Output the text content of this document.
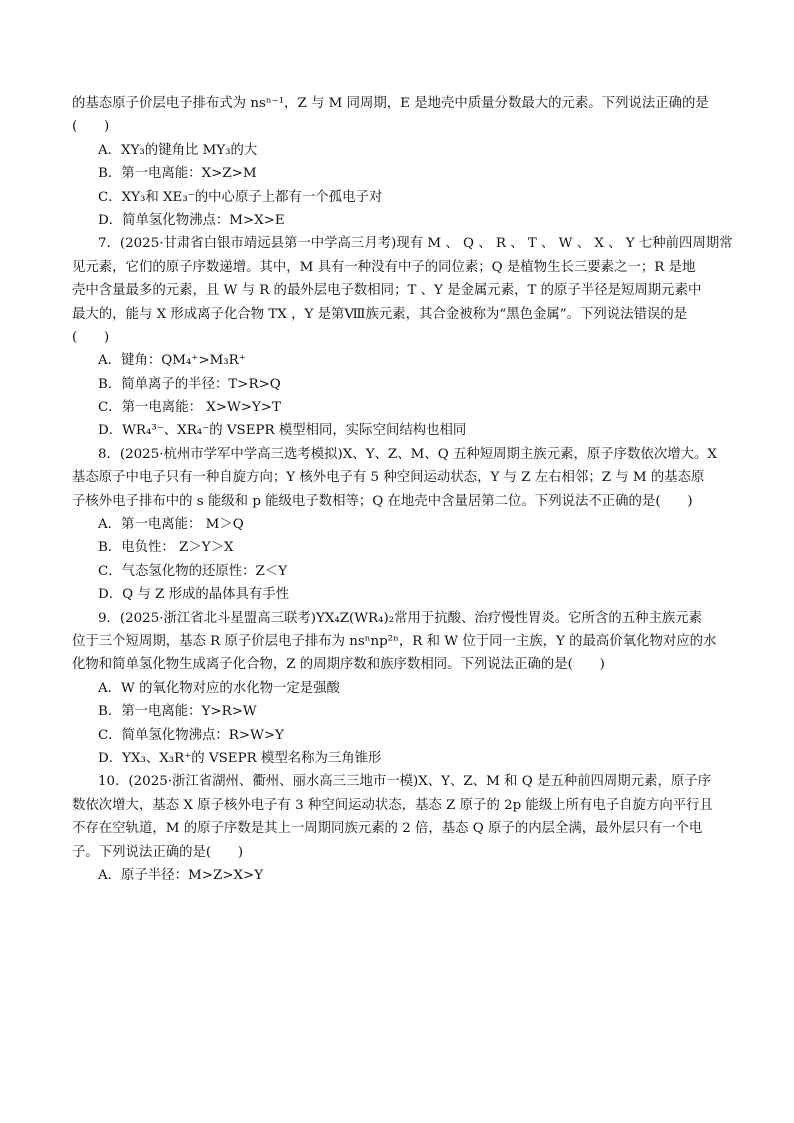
的基态原子价层电子排布式为 nsⁿ⁻¹，Z 与 M 同周期，E 是地壳中质量分数最大的元素。下列说法正确的是
(　　)
A．XY₃的键角比 MY₃的大
B．第一电离能：X>Z>M
C．XY₃和 XE₃⁻的中心原子上都有一个孤电子对
D．简单氢化物沸点：M>X>E
7．(2025·甘肃省白银市靖远县第一中学高三月考)现有 M 、 Q 、 R 、 T 、 W 、 X 、 Y 七种前四周期常
见元素，它们的原子序数递增。其中，M 具有一种没有中子的同位素；Q 是植物生长三要素之一；R 是地
壳中含量最多的元素，且 W 与 R 的最外层电子数相同；T 、Y 是金属元素，T 的原子半径是短周期元素中
最大的，能与 X 形成离子化合物 TX ，Y 是第Ⅷ族元素，其合金被称为“黑色金属”。下列说法错误的是
(　　)
A．键角：QM₄⁺>M₃R⁺
B．简单离子的半径：T>R>Q
C．第一电离能： X>W>Y>T
D．WR₄³⁻、XR₄⁻的 VSEPR 模型相同，实际空间结构也相同
8．(2025·杭州市学军中学高三选考模拟)X、Y、Z、M、Q 五种短周期主族元素，原子序数依次增大。X
基态原子中电子只有一种自旋方向；Y 核外电子有 5 种空间运动状态，Y 与 Z 左右相邻；Z 与 M 的基态原
子核外电子排布中的 s 能级和 p 能级电子数相等；Q 在地壳中含量居第二位。下列说法不正确的是(　　)
A．第一电离能： M＞Q
B．电负性： Z＞Y＞X
C．气态氢化物的还原性：Z＜Y
D．Q 与 Z 形成的晶体具有手性
9．(2025·浙江省北斗星盟高三联考)YX₄Z(WR₄)₂常用于抗酸、治疗慢性胃炎。它所含的五种主族元素
位于三个短周期，基态 R 原子价层电子排布为 nsⁿnp²ⁿ，R 和 W 位于同一主族，Y 的最高价氧化物对应的水
化物和简单氢化物生成离子化合物，Z 的周期序数和族序数相同。下列说法正确的是(　　)
A．W 的氧化物对应的水化物一定是强酸
B．第一电离能：Y>R>W
C．简单氢化物沸点：R>W>Y
D．YX₃、X₃R⁺的 VSEPR 模型名称为三角锥形
10．(2025·浙江省湖州、衢州、丽水高三三地市一模)X、Y、Z、M 和 Q 是五种前四周期元素，原子序
数依次增大，基态 X 原子核外电子有 3 种空间运动状态，基态 Z 原子的 2p 能级上所有电子自旋方向平行且
不存在空轨道，M 的原子序数是其上一周期同族元素的 2 倍，基态 Q 原子的内层全满，最外层只有一个电
子。下列说法正确的是(　　)
A．原子半径：M>Z>X>Y
